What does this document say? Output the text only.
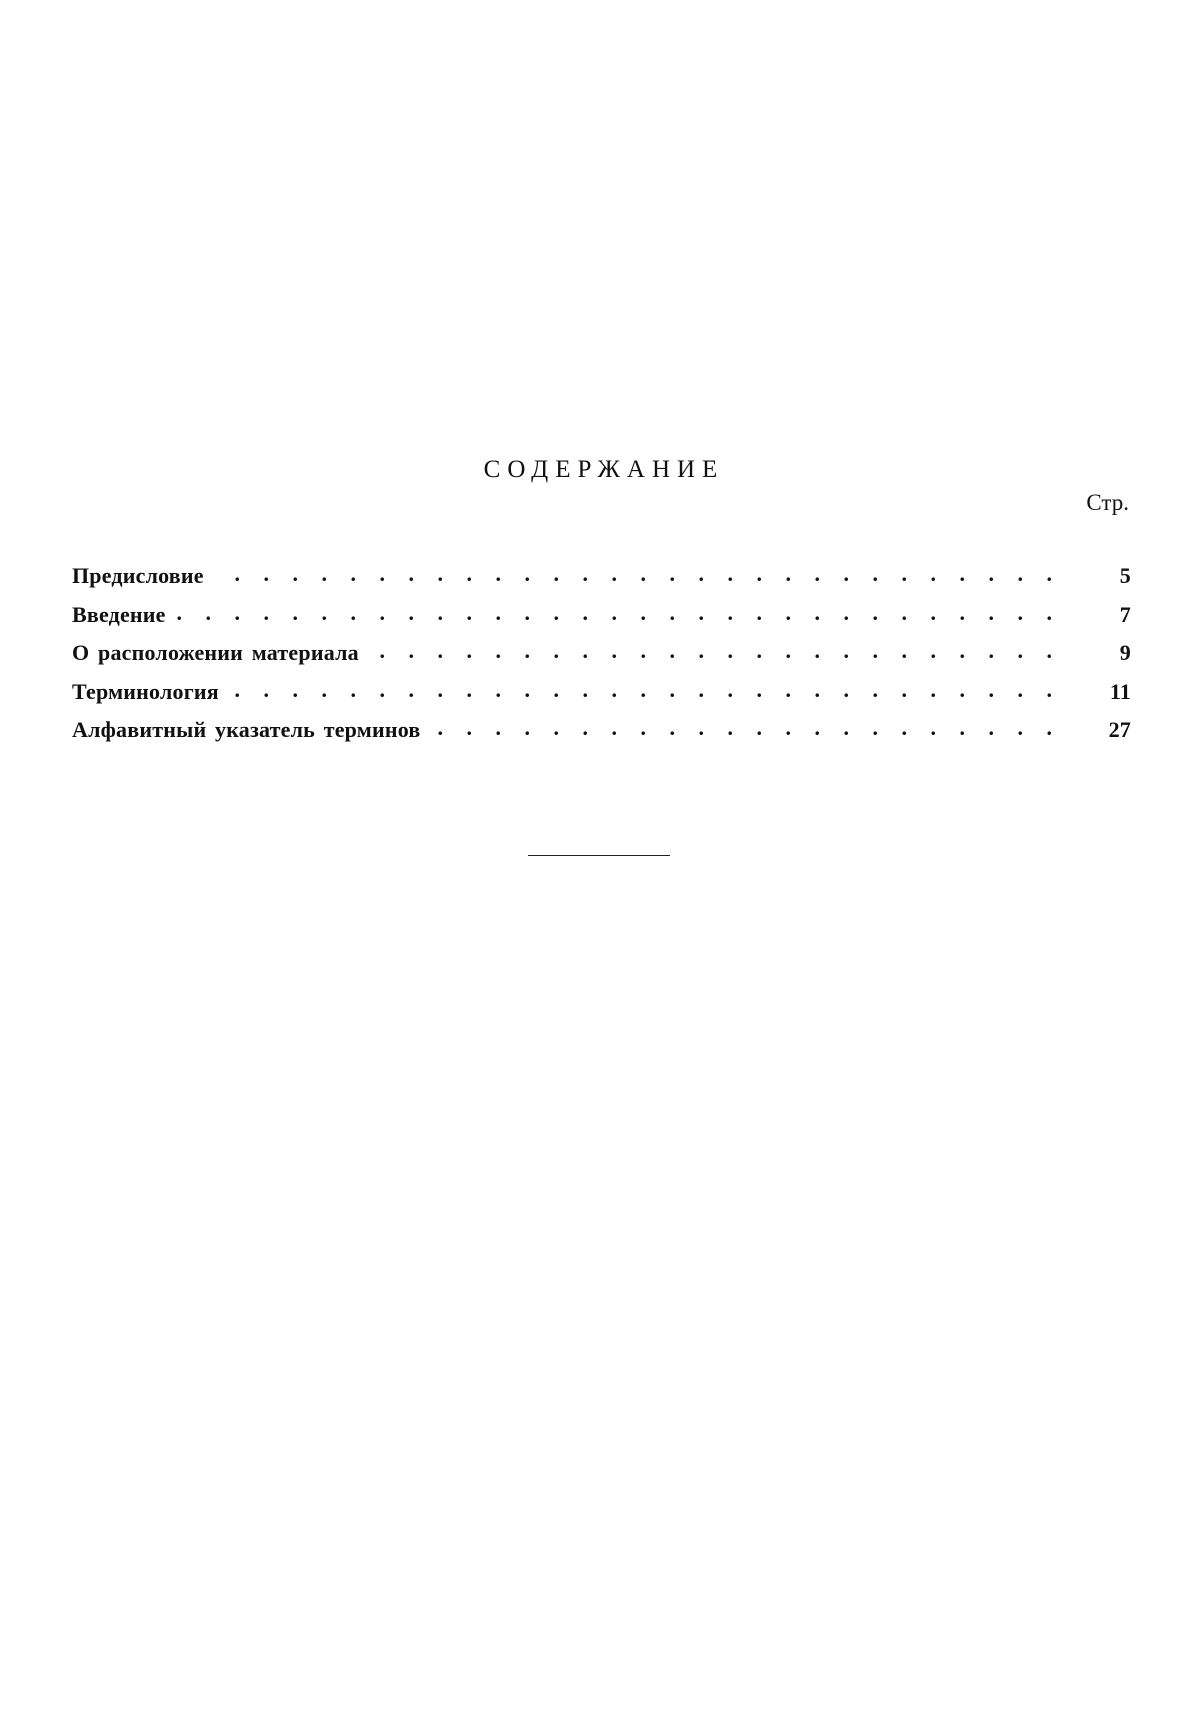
СОДЕРЖАНИЕ
Стр.
Предисловие . . .	5
Введение . . .	7
О расположении материала . . .	9
Терминология . . .	11
Алфавитный указатель терминов . . .	27
